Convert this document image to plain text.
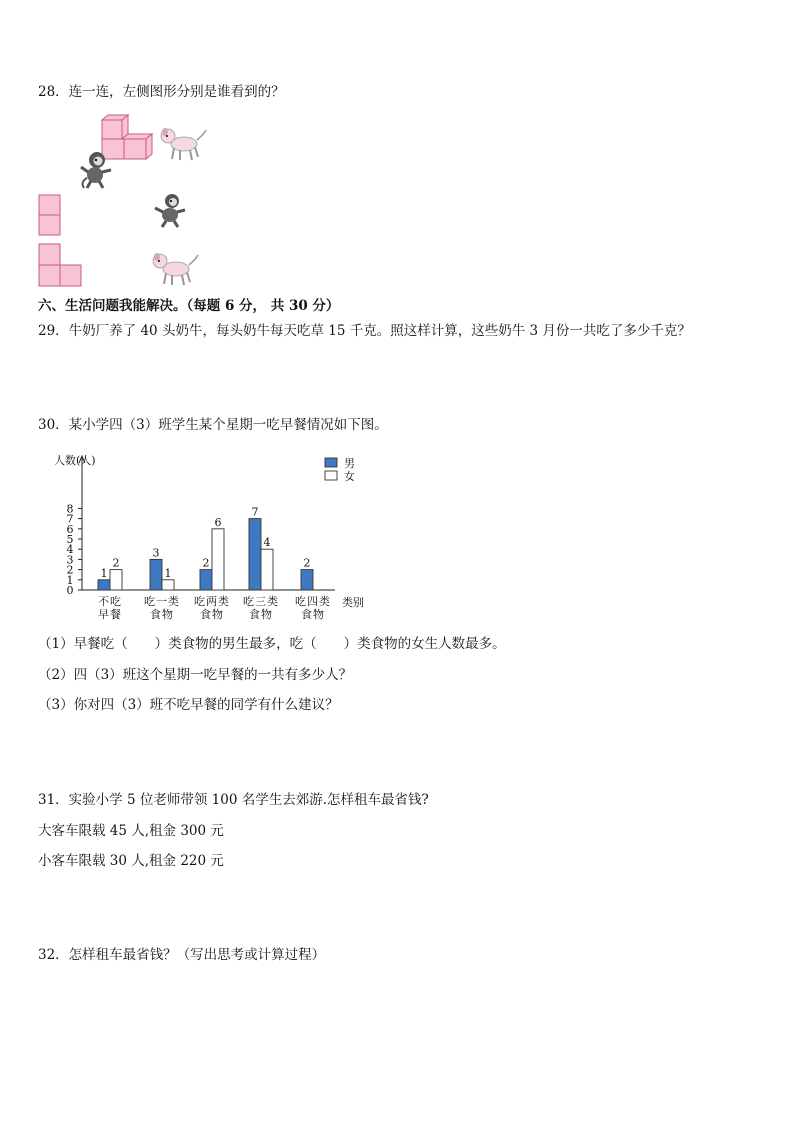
28．连一连，左侧图形分别是谁看到的？
六、生活问题我能解决。（每题 6 分， 共 30 分）
29．牛奶厂养了 40 头奶牛，每头奶牛每天吃草 15 千克。照这样计算，这些奶牛 3 月份一共吃了多少千克？
30．某小学四（3）班学生某个星期一吃早餐情况如下图。
人数(人)
类别
0
1
2
3
4
5
6
7
8
1
2
不吃
早餐
3
1
吃一类
食物
2
6
吃两类
食物
7
4
吃三类
食物
2
吃四类
食物
男
女
（1）早餐吃（　　）类食物的男生最多，吃（　　）类食物的女生人数最多。
（2）四（3）班这个星期一吃早餐的一共有多少人？
（3）你对四（3）班不吃早餐的同学有什么建议？
31．实验小学 5 位老师带领 100 名学生去郊游.怎样租车最省钱?
大客车限载 45 人,租金 300 元
小客车限载 30 人,租金 220 元
32．怎样租车最省钱？（写出思考或计算过程）
